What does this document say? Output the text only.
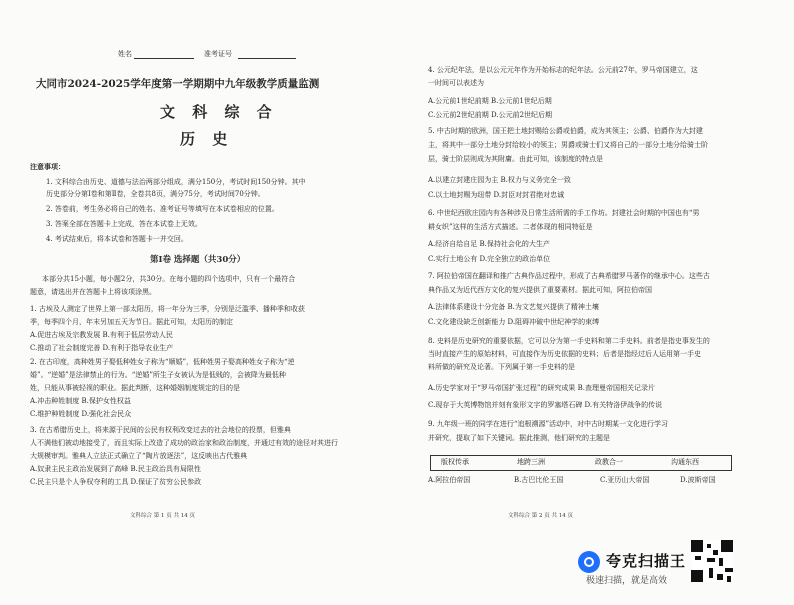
姓名	准考证号
大同市2024-2025学年度第一学期期中九年级教学质量监测
文 科 综 合
历 史
注意事项：
1. 文科综合由历史、道德与法治两部分组成，满分150分，考试时间150分钟。其中
历史部分分第Ⅰ卷和第Ⅱ卷，全卷共8页，满分75分，考试时间70分钟。
2. 答卷前，考生务必将自己的姓名、准考证号等填写在本试卷相应的位置。
3. 答案全部在答题卡上完成，答在本试卷上无效。
4. 考试结束后，将本试卷和答题卡一并交回。
第Ⅰ卷 选择题（共30分）
本部分共15小题，每小题2分，共30分。在每小题的四个选项中，只有一个最符合
题意，请选出并在答题卡上将该项涂黑。
1. 古埃及人测定了世界上第一部太阳历，将一年分为三季，分别是泛滥季、播种季和收获
季，每季四个月，年末另加五天为节日。据此可知，太阳历的制定
A.促进古埃及宗教发展 B.有利于低层劳动人民
C.推动了社会制度完善 D.有利于指导农业生产
2. 在古印度，高种姓男子娶低种姓女子称为“顺婚”，低种姓男子娶高种姓女子称为“逆
婚”。“逆婚”是法律禁止的行为。“逆婚”所生子女被认为是低贱的，会被降为最低种
姓，只能从事被轻视的职业。据此判断，这种婚姻制度规定的目的是
A.冲击种姓制度 B.保护女性权益
C.维护种姓制度 D.强化社会民众
3. 在古希腊历史上，将来源于民间的公民有权利改变过去的社会地位的投票，但雅典
人不满他们被动地接受了，而且实际上改造了成功的政治家和政治制度，并通过有效的途径对其进行
大规模审判。雅典人立法正式确立了“陶片放逐法”，这反映出古代雅典
A.奴隶主民主政治发展到了高峰 B.民主政治具有局限性
C.民主只是个人争权夺利的工具 D.保证了贫穷公民参政
文科综合 第 1 页 共 14 页
4. 公元纪年法，是以公元元年作为开始标志的纪年法。公元前27年，罗马帝国建立，这
一时间可以表述为
A.公元前1世纪前期 B.公元前1世纪后期
C.公元前2世纪前期 D.公元前2世纪后期
5. 中古时期的欧洲，国王把土地封赐给公爵或伯爵，成为其领主；公爵、伯爵作为大封建
主，将其中一部分土地分封给较小的领主；男爵或骑士们又将自己的一部分土地分给骑士阶
层，骑士阶层则成为其附庸。由此可知，该制度的特点是
A.以建立封建庄园为主 B.权力与义务完全一致
C.以土地封赐为纽带 D.封臣对封君绝对忠诚
6. 中世纪西欧庄园内有各种涉及日常生活所需的手工作坊。封建社会时期的中国也有“男
耕女织”这样的生活方式描述。二者体现的相同特征是
A.经济自给自足 B.保持社会化的大生产
C.实行土地公有 D.完全独立的政治单位
7. 阿拉伯帝国在翻译和推广古典作品过程中，形成了古典希腊罗马著作的继承中心。这些古
典作品又为近代西方文化的复兴提供了重要素材。据此可知，阿拉伯帝国
A.法律体系建设十分完备 B.为文艺复兴提供了精神土壤
C.文化建设缺乏创新能力 D.阻碍冲破中世纪神学的束缚
8. 史料是历史研究的重要依据，它可以分为第一手史料和第二手史料。前者是指史事发生的
当时直接产生的原始材料，可直接作为历史依据的史料；后者是指经过后人运用第一手史
料所做的研究及论著。下列属于第一手史料的是
A.历史学家对于“罗马帝国扩张过程”的研究成果 B.查理曼帝国相关记录片
C.现存于大英博物馆并刻有象形文字的罗塞塔石碑 D.有关特洛伊战争的传说
9. 九年级一班的同学在进行“追根溯源”活动中，对中古时期某一文化进行学习
并研究，提取了如下关键词。据此推测，他们研究的主题是
版权传承	地跨三洲	政教合一	沟通东西
A.阿拉伯帝国	B.古巴比伦王国	C.亚历山大帝国	D.波斯帝国
文科综合 第 2 页 共 14 页
夸克扫描王
极速扫描，就是高效
